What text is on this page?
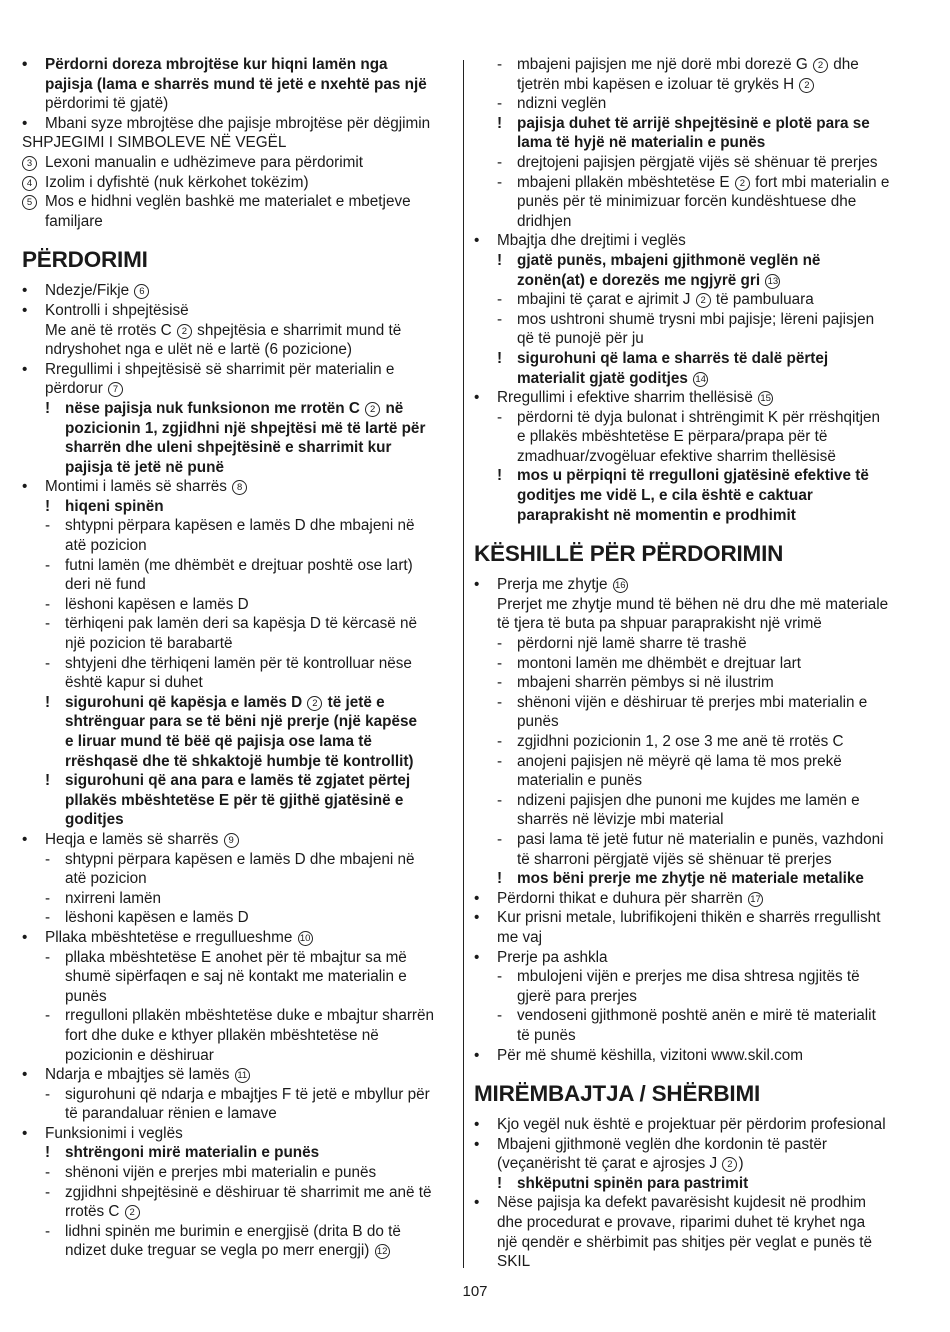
• Përdorni doreza mbrojtëse kur hiqni lamën nga
pajisja (lama e sharrës mund të jetë e nxehtë pas një
përdorimi të gjatë)
• Mbani syze mbrojtëse dhe pajisje mbrojtëse për dëgjimin
SHPJEGIMI I SIMBOLEVE NË VEGËL
3 Lexoni manualin e udhëzimeve para përdorimit
4 Izolim i dyfishtë (nuk kërkohet tokëzim)
5 Mos e hidhni veglën bashkë me materialet e mbetjeve
familjare
PËRDORIMI
• Ndezje/Fikje 6
• Kontrolli i shpejtësisë
Me anë të rrotës C 2 shpejtësia e sharrimit mund të
ndryshohet nga e ulët në e lartë (6 pozicione)
• Rregullimi i shpejtësisë së sharrimit për materialin e
përdorur 7
! nëse pajisja nuk funksionon me rrotën C 2 në
pozicionin 1, zgjidhni një shpejtësi më të lartë për
sharrën dhe uleni shpejtësinë e sharrimit kur
pajisja të jetë në punë
• Montimi i lamës së sharrës 8
! hiqeni spinën
- shtypni përpara kapësen e lamës D dhe mbajeni në
atë pozicion
- futni lamën (me dhëmbët e drejtuar poshtë ose lart)
deri në fund
- lëshoni kapësen e lamës D
- tërhiqeni pak lamën deri sa kapësja D të kërcasë në
një pozicion të barabartë
- shtyjeni dhe tërhiqeni lamën për të kontrolluar nëse
është kapur si duhet
! sigurohuni që kapësja e lamës D 2 të jetë e
shtrënguar para se të bëni një prerje (një kapëse
e liruar mund të bëë që pajisja ose lama të
rrëshqasë dhe të shkaktojë humbje të kontrollit)
! sigurohuni që ana para e lamës të zgjatet përtej
pllakës mbështetëse E për të gjithë gjatësinë e
goditjes
• Heqja e lamës së sharrës 9
- shtypni përpara kapësen e lamës D dhe mbajeni në
atë pozicion
- nxirreni lamën
- lëshoni kapësen e lamës D
• Pllaka mbështetëse e rregullueshme 10
- pllaka mbështetëse E anohet për të mbajtur sa më
shumë sipërfaqen e saj në kontakt me materialin e
punës
- rregulloni pllakën mbështetëse duke e mbajtur sharrën
fort dhe duke e kthyer pllakën mbështetëse në
pozicionin e dëshiruar
• Ndarja e mbajtjes së lamës 11
- sigurohuni që ndarja e mbajtjes F të jetë e mbyllur për
të parandaluar rënien e lamave
• Funksionimi i veglës
! shtrëngoni mirë materialin e punës
- shënoni vijën e prerjes mbi materialin e punës
- zgjidhni shpejtësinë e dëshiruar të sharrimit me anë të
rrotës C 2
- lidhni spinën me burimin e energjisë (drita B do të
ndizet duke treguar se vegla po merr energji) 12
- mbajeni pajisjen me një dorë mbi dorezë G 2 dhe
tjetrën mbi kapësen e izoluar të grykës H 2
- ndizni veglën
! pajisja duhet të arrijë shpejtësinë e plotë para se
lama të hyjë në materialin e punës
- drejtojeni pajisjen përgjatë vijës së shënuar të prerjes
- mbajeni pllakën mbështetëse E 2 fort mbi materialin e
punës për të minimizuar forcën kundështuese dhe
dridhjen
• Mbajtja dhe drejtimi i veglës
! gjatë punës, mbajeni gjithmonë veglën në
zonën(at) e dorezës me ngjyrë gri 13
- mbajini të çarat e ajrimit J 2 të pambuluara
- mos ushtroni shumë trysni mbi pajisje; lëreni pajisjen
që të punojë për ju
! sigurohuni që lama e sharrës të dalë përtej
materialit gjatë goditjes 14
• Rregullimi i efektive sharrim thellësisë 15
- përdorni të dyja bulonat i shtrëngimit K për rrëshqitjen
e pllakës mbështetëse E përpara/prapa për të
zmadhuar/zvogëluar efektive sharrim thellësisë
! mos u përpiqni të rregulloni gjatësinë efektive të
goditjes me vidë L, e cila është e caktuar
paraprakisht në momentin e prodhimit
KËSHILLË PËR PËRDORIMIN
• Prerja me zhytje 16
Prerjet me zhytje mund të bëhen në dru dhe më materiale
të tjera të buta pa shpuar paraprakisht një vrimë
- përdorni një lamë sharre të trashë
- montoni lamën me dhëmbët e drejtuar lart
- mbajeni sharrën pëmbys si në ilustrim
- shënoni vijën e dëshiruar të prerjes mbi materialin e
punës
- zgjidhni pozicionin 1, 2 ose 3 me anë të rrotës C
- anojeni pajisjen në mëyrë që lama të mos prekë
materialin e punës
- ndizeni pajisjen dhe punoni me kujdes me lamën e
sharrës në lëvizje mbi material
- pasi lama të jetë futur në materialin e punës, vazhdoni
të sharroni përgjatë vijës së shënuar të prerjes
! mos bëni prerje me zhytje në materiale metalike
• Përdorni thikat e duhura për sharrën 17
• Kur prisni metale, lubrifikojeni thikën e sharrës rregullisht
me vaj
• Prerje pa ashkla
- mbulojeni vijën e prerjes me disa shtresa ngjitës të
gjerë para prerjes
- vendoseni gjithmonë poshtë anën e mirë të materialit
të punës
• Për më shumë këshilla, vizitoni www.skil.com
MIRËMBAJTJA / SHËRBIMI
• Kjo vegël nuk është e projektuar për përdorim profesional
• Mbajeni gjithmonë veglën dhe kordonin të pastër
(veçanërisht të çarat e ajrosjes J 2 )
! shkëputni spinën para pastrimit
• Nëse pajisja ka defekt pavarësisht kujdesit në prodhim
dhe procedurat e provave, riparimi duhet të kryhet nga
një qendër e shërbimit pas shitjes për veglat e punës të
SKIL
107
